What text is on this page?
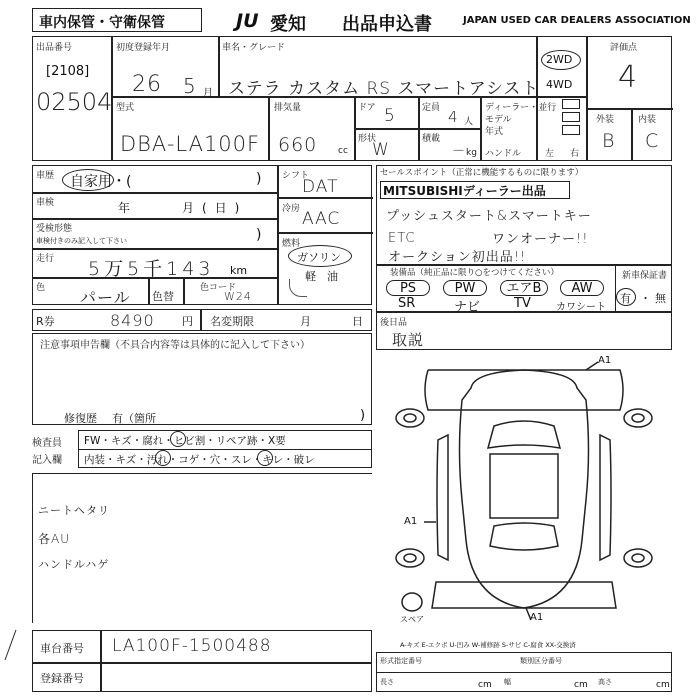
車内保管・守衛保管	JU 愛知 出品申込書	JAPAN USED CAR DEALERS ASSOCIATION
出品番号
[2108]
02504
初度登録年月
26 5 月
車名・グレード
ステラ カスタム RS スマートアシスト
2WD
4WD
評価点
4
外装	内装
B C
型式
DBA-LA100F
排気量
660 cc
ドア 5	定員 4 人
形状
W
積載
－ kg
ディーラー・並行
モデル
年式
ハンドル	左 右
車歴 自家用・(	)
車検	年	月(日)
受検形態
車検付きのみ記入して下さい	)
走行 5万5千143 km
色 パール 色替
色コード
W24
シフト
DAT
冷房 AAC
燃料
ガソリン
軽　油
セールスポイント（正常に機能するものに限ります）
MITSUBISHIディーラー出品
プッシュスタート&スマートキー
ETC	ワンオーナー!!
オークション初出品!!
装備品（純正品に限り○をつけてください）
PS	PW	エアB	AW
SR	ナビ	TV	カワシート
新車保証書
有 ・ 無
R券	8490 円 名変期限	月	日 後日品
取説
注意事項申告欄（不具合内容等は具体的に記入して下さい）
修復歴 有（箇所	)
検査員
記入欄
FW・キズ・腐れ・ヒビ割・リペア跡・X要
内装・キズ・汚れ・コゲ・穴・スレ・キレ・破レ
ニートヘタリ
各AU
ハンドルハゲ
A1
A1
A1
スペア
A-キズ E-エクボ U-凹み W-補修跡 S-サビ C-腐食 XX-交換済
車台番号 LA100F-1500488
登録番号
形式指定番号	類別区分番号
長さ	cm 幅	cm 高さ	cm
